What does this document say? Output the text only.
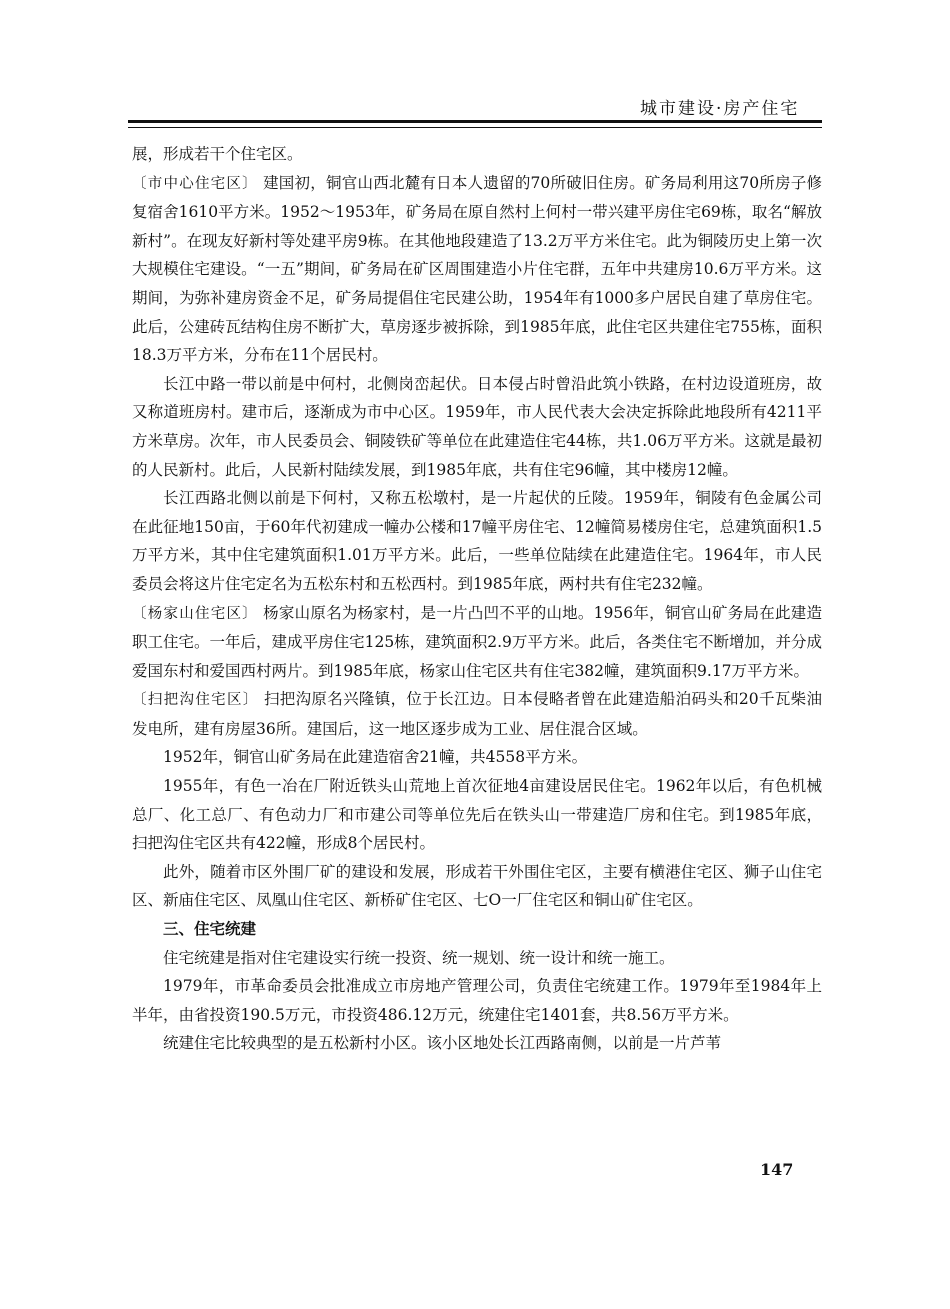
城市建设·房产住宅

展，形成若干个住宅区。

〔市中心住宅区〕 建国初，铜官山西北麓有日本人遗留的70所破旧住房。矿务局利用这70所房子修复宿舍1610平方米。1952～1953年，矿务局在原自然村上何村一带兴建平房住宅69栋，取名“解放新村”。在现友好新村等处建平房9栋。在其他地段建造了13.2万平方米住宅。此为铜陵历史上第一次大规模住宅建设。“一五”期间，矿务局在矿区周围建造小片住宅群，五年中共建房10.6万平方米。这期间，为弥补建房资金不足，矿务局提倡住宅民建公助，1954年有1000多户居民自建了草房住宅。此后，公建砖瓦结构住房不断扩大，草房逐步被拆除，到1985年底，此住宅区共建住宅755栋，面积18.3万平方米，分布在11个居民村。

长江中路一带以前是中何村，北侧岗峦起伏。日本侵占时曾沿此筑小铁路，在村边设道班房，故又称道班房村。建市后，逐渐成为市中心区。1959年，市人民代表大会决定拆除此地段所有4211平方米草房。次年，市人民委员会、铜陵铁矿等单位在此建造住宅44栋，共1.06万平方米。这就是最初的人民新村。此后，人民新村陆续发展，到1985年底，共有住宅96幢，其中楼房12幢。

长江西路北侧以前是下何村，又称五松墩村，是一片起伏的丘陵。1959年，铜陵有色金属公司在此征地150亩，于60年代初建成一幢办公楼和17幢平房住宅、12幢简易楼房住宅，总建筑面积1.5万平方米，其中住宅建筑面积1.01万平方米。此后，一些单位陆续在此建造住宅。1964年，市人民委员会将这片住宅定名为五松东村和五松西村。到1985年底，两村共有住宅232幢。

〔杨家山住宅区〕 杨家山原名为杨家村，是一片凸凹不平的山地。1956年，铜官山矿务局在此建造职工住宅。一年后，建成平房住宅125栋，建筑面积2.9万平方米。此后，各类住宅不断增加，并分成爱国东村和爱国西村两片。到1985年底，杨家山住宅区共有住宅382幢，建筑面积9.17万平方米。

〔扫把沟住宅区〕 扫把沟原名兴隆镇，位于长江边。日本侵略者曾在此建造船泊码头和20千瓦柴油发电所，建有房屋36所。建国后，这一地区逐步成为工业、居住混合区域。

1952年，铜官山矿务局在此建造宿舍21幢，共4558平方米。

1955年，有色一冶在厂附近铁头山荒地上首次征地4亩建设居民住宅。1962年以后，有色机械总厂、化工总厂、有色动力厂和市建公司等单位先后在铁头山一带建造厂房和住宅。到1985年底，扫把沟住宅区共有422幢，形成8个居民村。

此外，随着市区外围厂矿的建设和发展，形成若干外围住宅区，主要有横港住宅区、狮子山住宅区、新庙住宅区、凤凰山住宅区、新桥矿住宅区、七O一厂住宅区和铜山矿住宅区。

三、住宅统建

住宅统建是指对住宅建设实行统一投资、统一规划、统一设计和统一施工。

1979年，市革命委员会批准成立市房地产管理公司，负责住宅统建工作。1979年至1984年上半年，由省投资190.5万元，市投资486.12万元，统建住宅1401套，共8.56万平方米。

统建住宅比较典型的是五松新村小区。该小区地处长江西路南侧，以前是一片芦苇

147
